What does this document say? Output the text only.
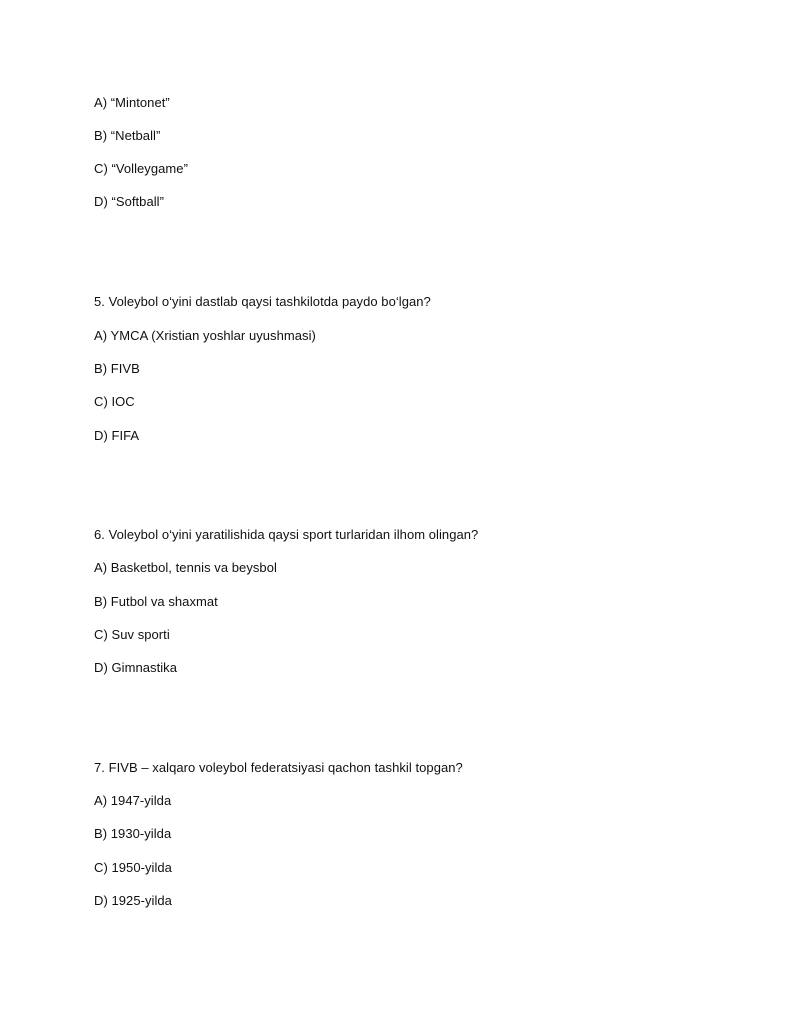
A) “Mintonet”
B) “Netball”
C) “Volleygame”
D) “Softball”
5. Voleybol o‘yini dastlab qaysi tashkilotda paydo bo‘lgan?
A) YMCA (Xristian yoshlar uyushmasi)
B) FIVB
C) IOC
D) FIFA
6. Voleybol o‘yini yaratilishida qaysi sport turlaridan ilhom olingan?
A) Basketbol, tennis va beysbol
B) Futbol va shaxmat
C) Suv sporti
D) Gimnastika
7. FIVB – xalqaro voleybol federatsiyasi qachon tashkil topgan?
A) 1947-yilda
B) 1930-yilda
C) 1950-yilda
D) 1925-yilda
